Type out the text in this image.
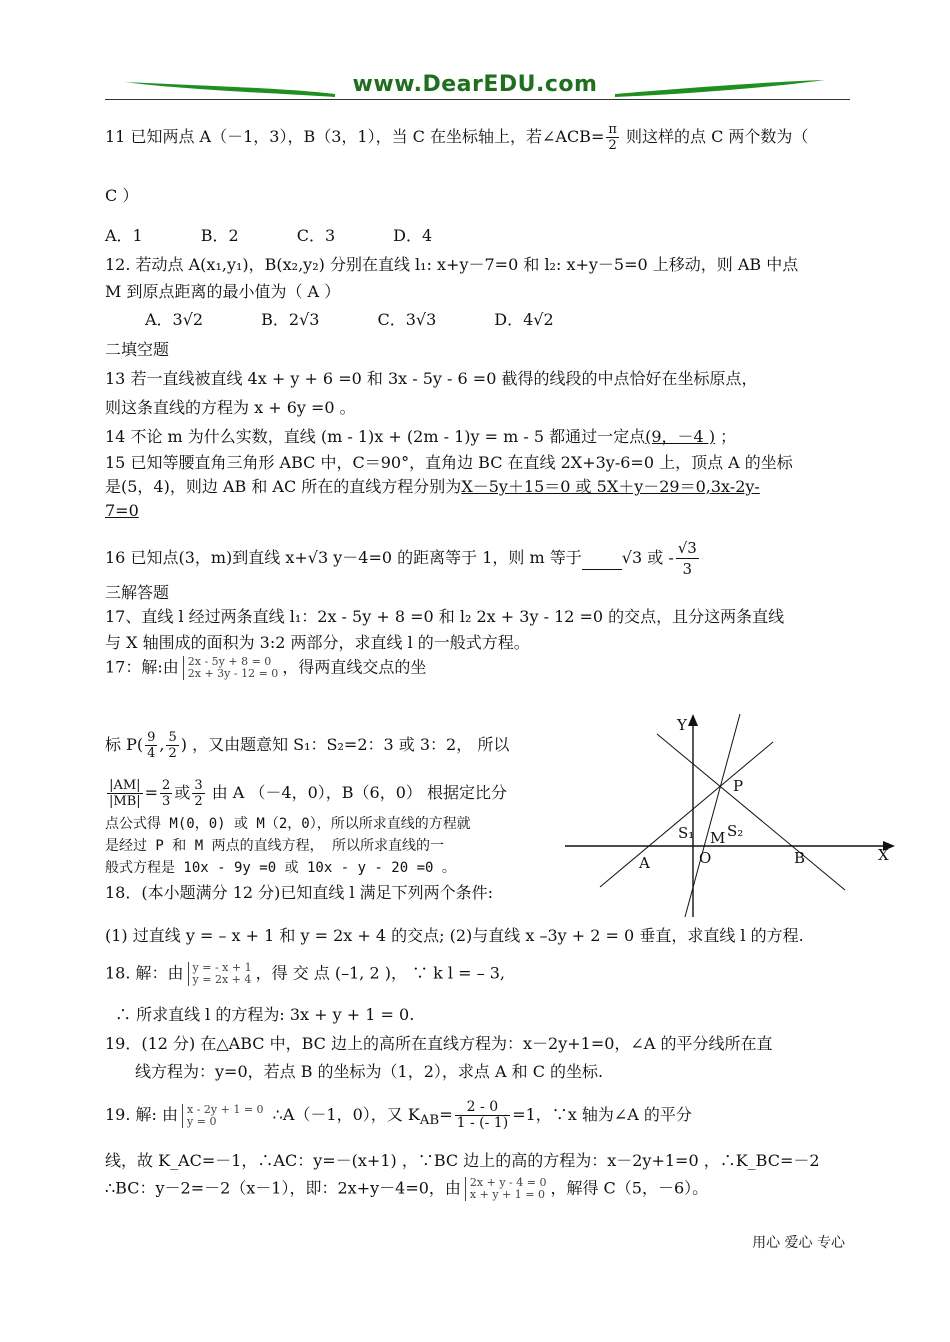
www.DearEDU.com
11 已知两点 A（－1，3），B（3，1），当 C 在坐标轴上，若∠ACB= $\frac{\pi}{2}$ 则这样的点 C 两个数为（
C ）
A．1	B．2	C．3	D．4
12. 若动点 A(x₁,y₁)，B(x₂,y₂) 分别在直线 l₁: x+y－7=0 和 l₂: x+y－5=0 上移动，则 AB 中点
M 到原点距离的最小值为（ A ）
A．3√2	B．2√3	C．3√3	D．4√2
二填空题
13 若一直线被直线 4x + y + 6 =0 和 3x - 5y - 6 =0 截得的线段的中点恰好在坐标原点，
则这条直线的方程为 x + 6y =0 。
14 不论 m 为什么实数，直线 (m - 1)x + (2m - 1)y = m - 5 都通过一定点(9，－4 ) ；
15 已知等腰直角三角形 ABC 中，C＝90°，直角边 BC 在直线 2X+3y-6=0 上，顶点 A 的坐标
是(5，4)，则边 AB 和 AC 所在的直线方程分别为X－5y＋15＝0 或 5X＋y－29＝0,3x-2y-
7=0
16 已知点(3，m)到直线 x+√3 y－4=0 的距离等于 1，则 m 等于	√3 或 - $\frac{√3}{3}$
三解答题
17、直线 l 经过两条直线 l₁：2x - 5y + 8 =0 和 l₂ 2x + 3y - 12 =0 的交点，且分这两条直线
与 X 轴围成的面积为 3:2 两部分，求直线 l 的一般式方程。
17：解:由 2x - 5y + 8 = 0
2x + 3y - 12 = 0 ，得两直线交点的坐
标 $P( \frac{9}{4}$ , $\frac{5}{2}$ ) ，又由题意知 S₁：S₂=2：3 或 3：2， 所以
$\frac{|AM|}{|MB|} = \frac{2}{3}$ 或 $\frac{3}{2}$ 由 A （－4，0），B（6，0） 根据定比分
点公式得 M(0，0) 或 M（2，0），所以所求直线的方程就
是经过 P 和 M 两点的直线方程， 所以所求直线的一
般式方程是 10x - 9y =0 或 10x - y - 20 =0 。
Y
X
P
S₁ M S₂
A	O	B
18．(本小题满分 12 分)已知直线 l 满足下列两个条件:
(1) 过直线 y = – x + 1 和 y = 2x + 4 的交点; (2)与直线 x –3y + 2 = 0 垂直，求直线 l 的方程.
18. 解：由 y = - x + 1
y = 2x + 4 ，得 交 点 (–1, 2 )， ∵ k l = – 3,
∴ 所求直线 l 的方程为: 3x + y + 1 = 0.
19．(12 分) 在△ABC 中，BC 边上的高所在直线方程为：x－2y+1=0，∠A 的平分线所在直
线方程为：y=0，若点 B 的坐标为（1，2），求点 A 和 C 的坐标.
19. 解: 由 x - 2y + 1 = 0
y = 0	∴A（－1，0），又 $K_{AB}= \frac{2 - 0}{1 - (- 1)} =1$，∵x 轴为∠A 的平分
线，故 K_AC=－1，∴AC：y=－(x+1) ，∵BC 边上的高的方程为：x－2y+1=0 ，∴K_BC=－2
∴BC：y－2=－2（x－1），即：2x+y－4=0，由 2x + y - 4 = 0
x + y + 1 = 0 ，解得 C（5，－6）。
用心 爱心 专心
